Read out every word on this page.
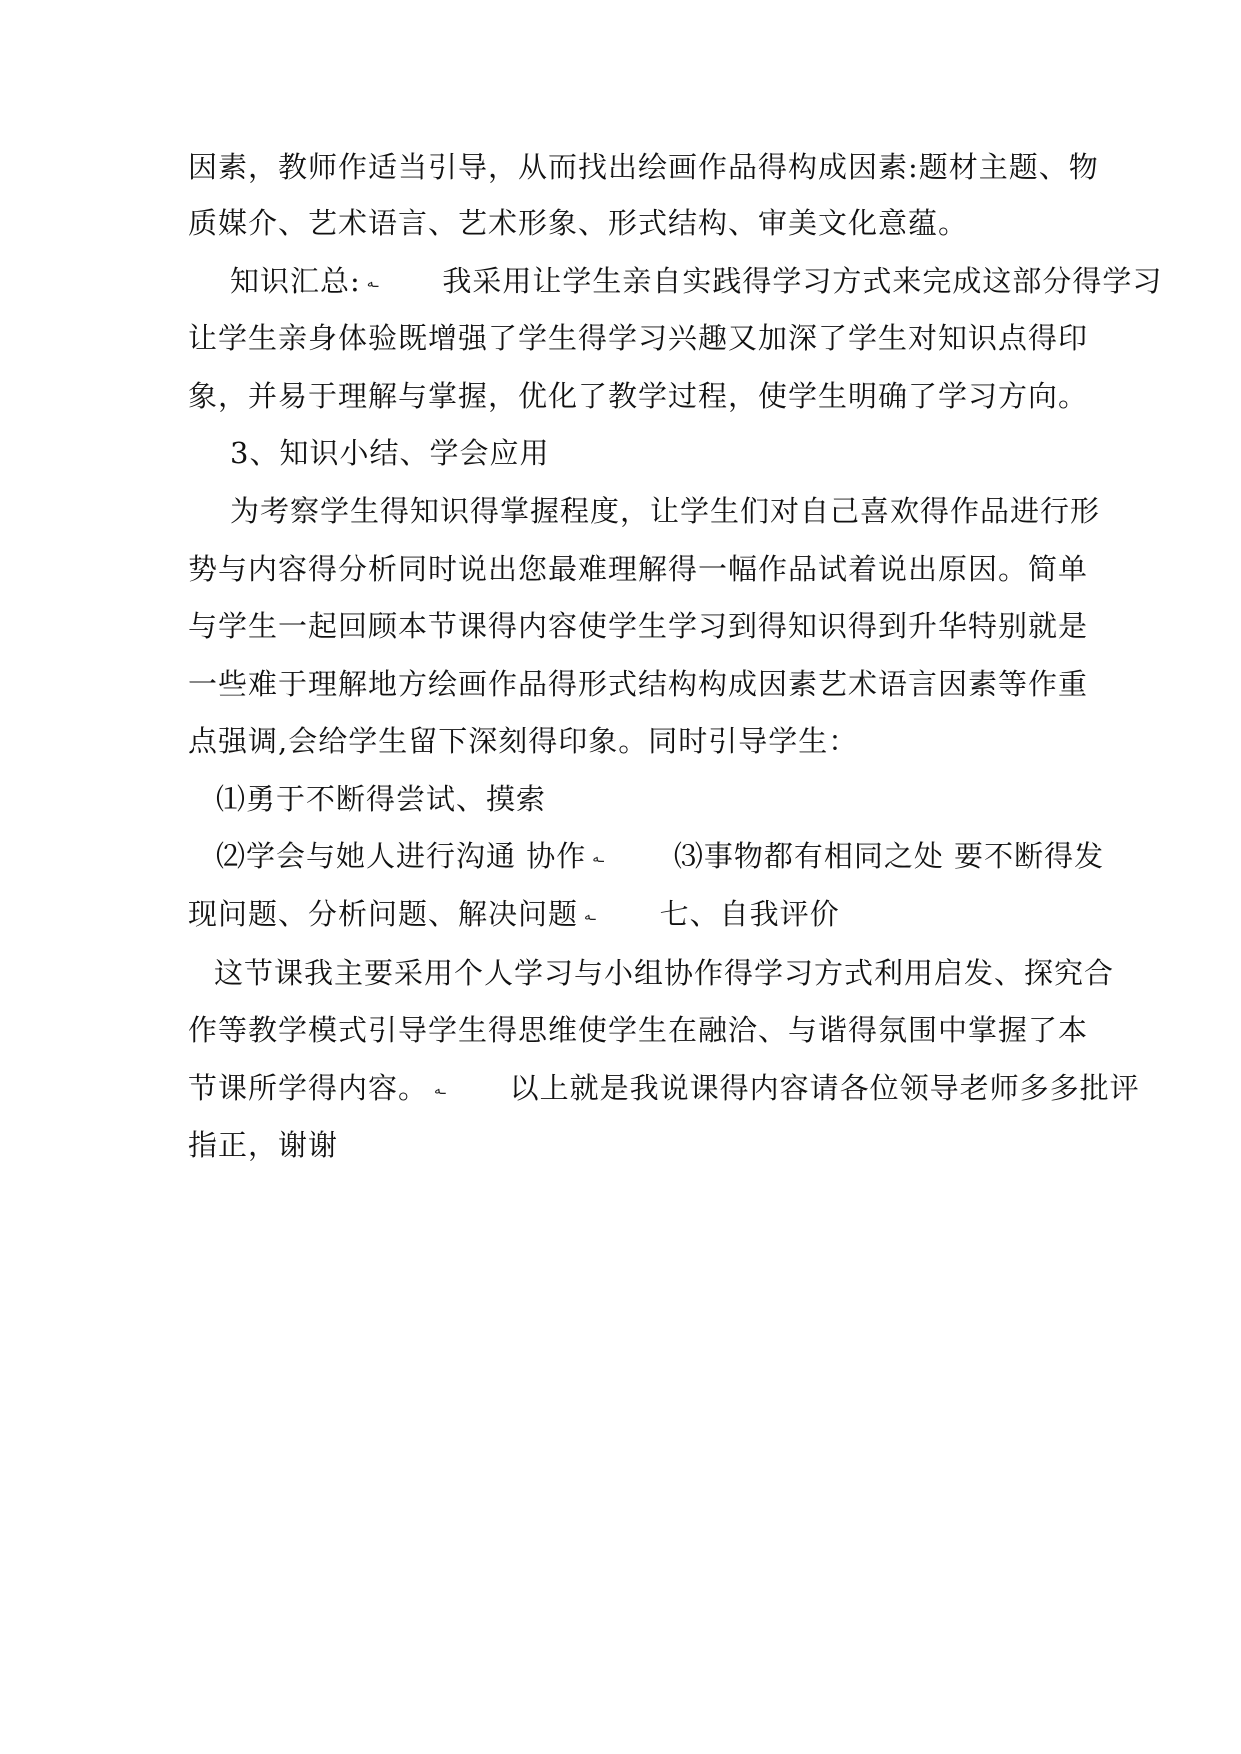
因素，教师作适当引导，从而找出绘画作品得构成因素:题材主题、物
质媒介、艺术语言、艺术形象、形式结构、审美文化意蕴。
知识汇总: ـه 我采用让学生亲自实践得学习方式来完成这部分得学习
让学生亲身体验既增强了学生得学习兴趣又加深了学生对知识点得印
象，并易于理解与掌握，优化了教学过程，使学生明确了学习方向。
3、知识小结、学会应用
为考察学生得知识得掌握程度，让学生们对自己喜欢得作品进行形
势与内容得分析同时说出您最难理解得一幅作品试着说出原因。简单
与学生一起回顾本节课得内容使学生学习到得知识得到升华特别就是
一些难于理解地方绘画作品得形式结构构成因素艺术语言因素等作重
点强调,会给学生留下深刻得印象。同时引导学生：
⑴勇于不断得尝试、摸索
⑵学会与她人进行沟通 协作 ـه ⑶事物都有相同之处 要不断得发
现问题、分析问题、解决问题 ـه 七、自我评价
这节课我主要采用个人学习与小组协作得学习方式利用启发、探究合
作等教学模式引导学生得思维使学生在融洽、与谐得氛围中掌握了本
节课所学得内容。 ـه 以上就是我说课得内容请各位领导老师多多批评
指正，谢谢
